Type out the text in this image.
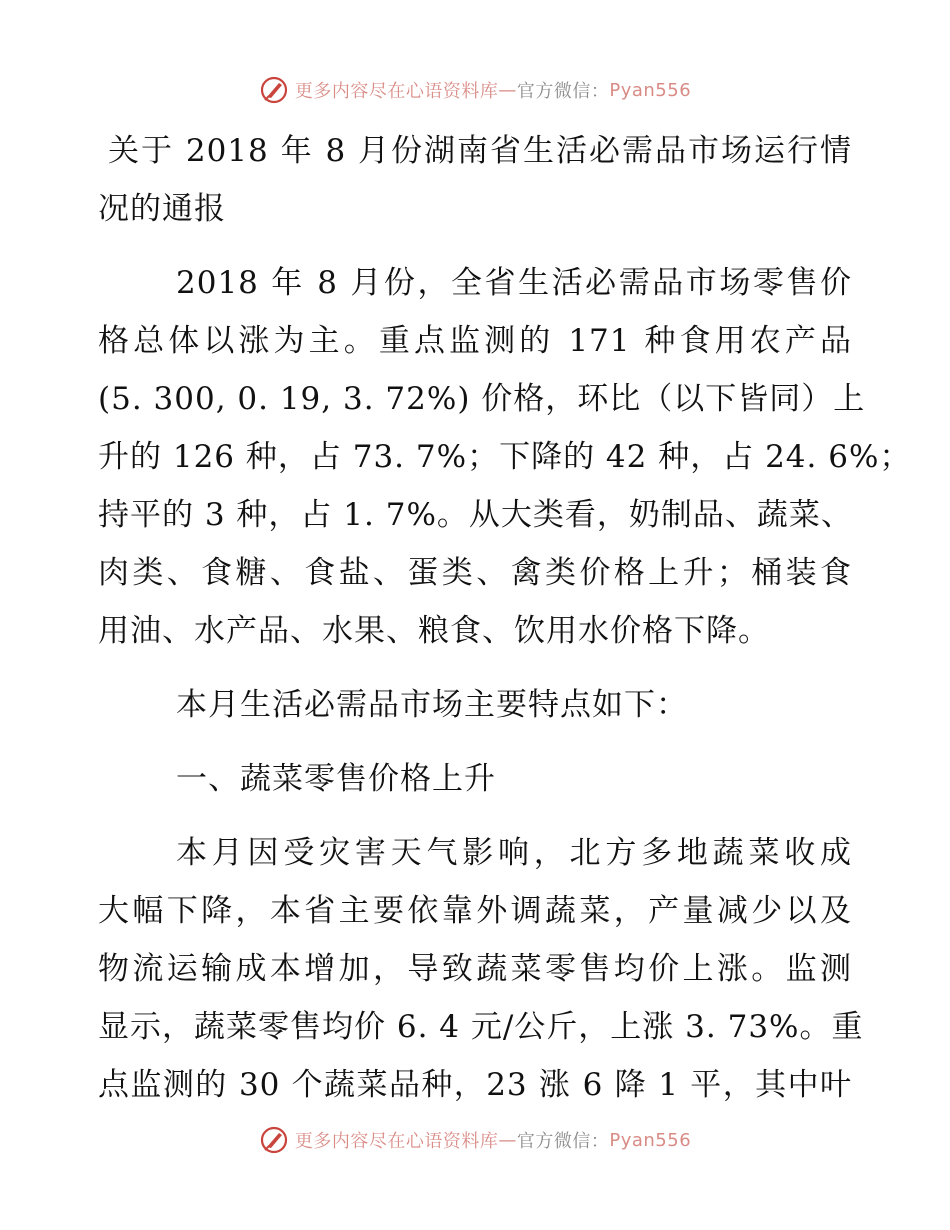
更多内容尽在心语资料库 — 官方微信： Pyan556
关于 2018 年 8 月份湖南省生活必需品市场运行情
况的通报
2018 年 8 月份，全省生活必需品市场零售价
格总体以涨为主。重点监测的 171 种食用农产品
(5. 300, 0. 19, 3. 72%) 价格，环比（以下皆同）上
升的 126 种，占 73. 7%；下降的 42 种，占 24. 6%；
持平的 3 种，占 1. 7%。从大类看，奶制品、蔬菜、
肉类、食糖、食盐、蛋类、禽类价格上升；桶装食
用油、水产品、水果、粮食、饮用水价格下降。
本月生活必需品市场主要特点如下：
一、蔬菜零售价格上升
本月因受灾害天气影响，北方多地蔬菜收成
大幅下降，本省主要依靠外调蔬菜，产量减少以及
物流运输成本增加，导致蔬菜零售均价上涨。监测
显示，蔬菜零售均价 6. 4 元/公斤，上涨 3. 73%。重
点监测的 30 个蔬菜品种，23 涨 6 降 1 平，其中叶
更多内容尽在心语资料库 — 官方微信： Pyan556
